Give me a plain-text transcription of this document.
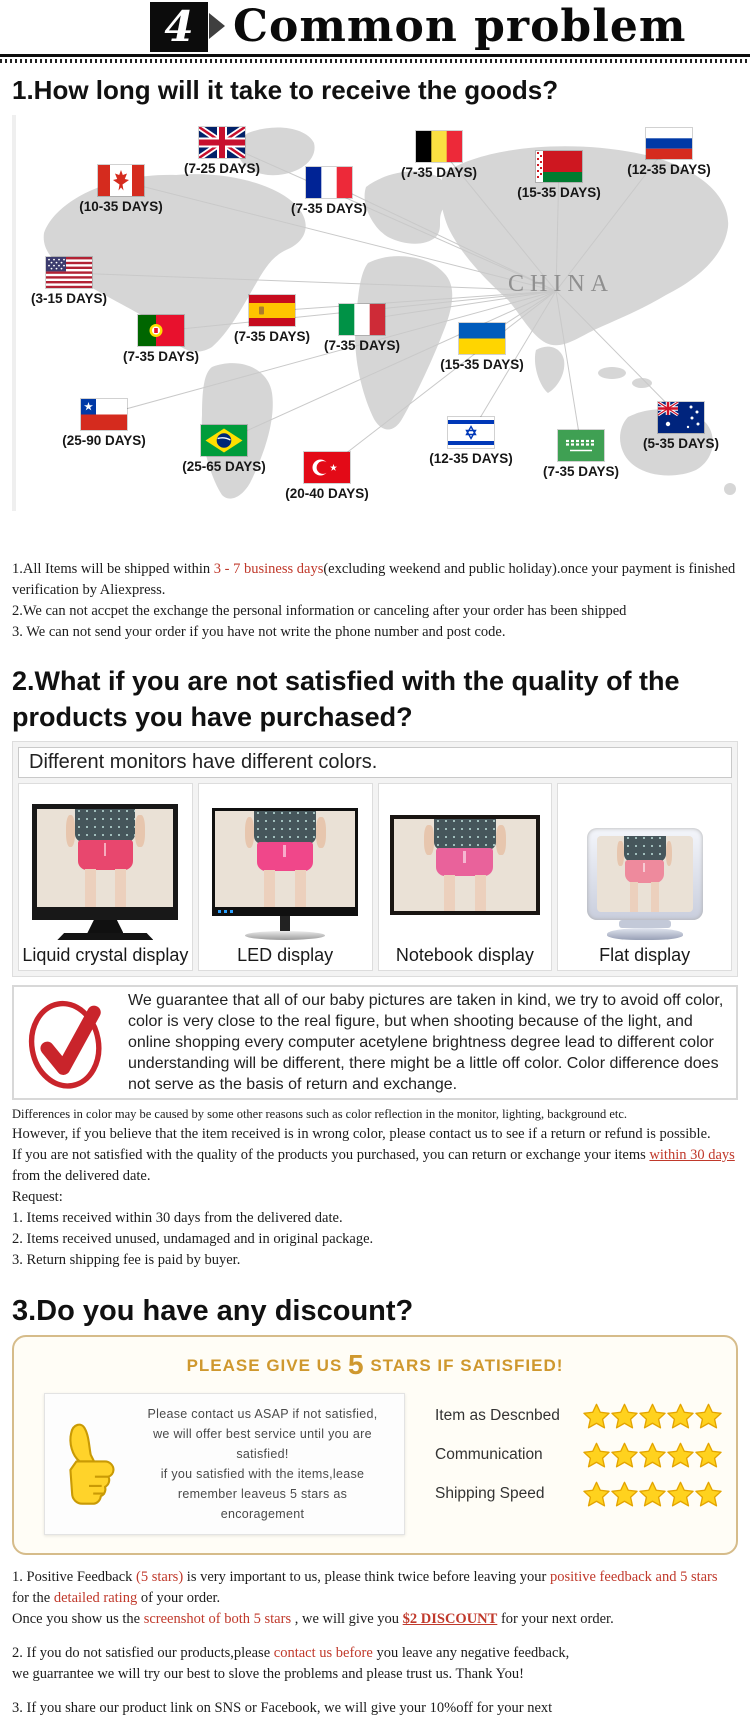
4 Common problem
1.How long will it take to receive the goods?
CHINA
(10-35 DAYS)
(7-25 DAYS)
(7-35 DAYS)
(7-35 DAYS)
(15-35 DAYS)
(12-35 DAYS)
(3-15 DAYS)
(7-35 DAYS)
(7-35 DAYS)
(7-35 DAYS)
(15-35 DAYS)
(25-90 DAYS)
(25-65 DAYS)
(20-40 DAYS)
(12-35 DAYS)
(7-35 DAYS)
(5-35 DAYS)

1.All Items will be shipped within 3 - 7 business days(excluding weekend and public holiday).once your payment is finished verification by Aliexpress.

2.We can not accpet the exchange the personal information or canceling after your order has been shipped

3. We can not send your order if you have not write the phone number and post code.

2.What if you are not satisfied with the quality of the products you have purchased?
Different monitors have different colors.
Liquid crystal display	LED display	Notebook display	Flat display
We guarantee that all of our baby pictures are taken in kind, we try to avoid off color, color is very close to the real figure, but when shooting because of the light, and online shopping every computer acetylene brightness degree lead to different color understanding will be different, there might be a little off color. Color difference does not serve as the basis of return and exchange.

Differences in color may be caused by some other reasons such as color reflection in the monitor, lighting, background etc.

However, if you believe that the item received is in wrong color, please contact us to see if a return or refund is possible.

If you are not satisfied with the quality of the products you purchased, you can return or exchange your items within 30 days from the delivered date.

Request:

1. Items received within 30 days from the delivered date.

2. Items received unused, undamaged and in original package.

3. Return shipping fee is paid by buyer.

3.Do you have any discount?
PLEASE GIVE US 5 STARS IF SATISFIED!

Please contact us ASAP if not satisfied,

we will offer best service until you are

satisfied!

if you satisfied with the items,lease

remember leaveus 5 stars as

encoragement

Item as Descnbed
Communication
Shipping Speed

1. Positive Feedback (5 stars) is very important to us, please think twice before leaving your positive feedback and 5 stars for the detailed rating of your order.

Once you show us the screenshot of both 5 stars , we will give you $2 DISCOUNT for your next order.

2. If you do not satisfied our products,please contact us before you leave any negative feedback,

we guarrantee we will try our best to slove the problems and please trust us. Thank You!

3. If you share our product link on SNS or Facebook, we will give your 10%off for your next
